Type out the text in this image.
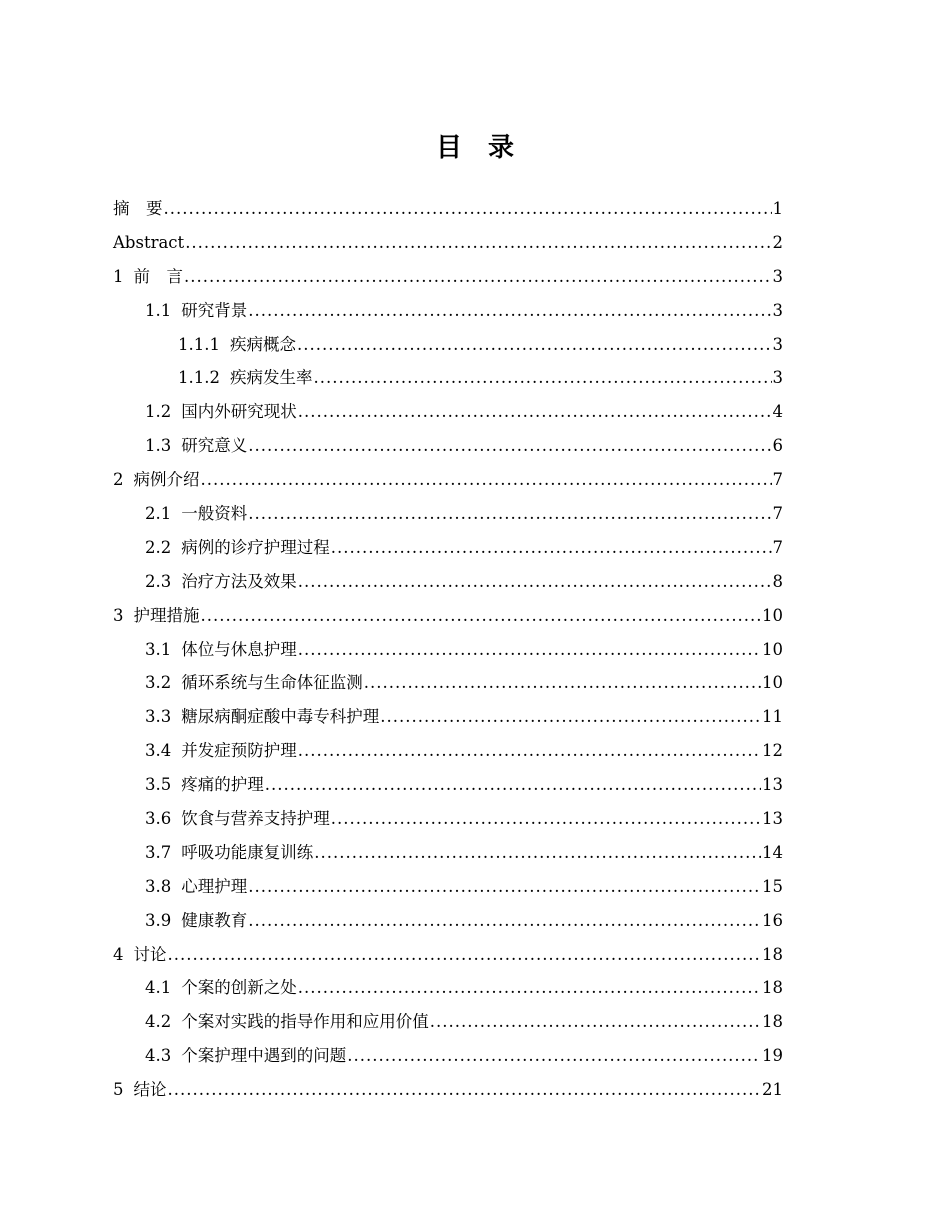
目　录
摘　要 .....	1
Abstract .....	2
1 前　言 .....	3
1.1 研究背景 .....	3
1.1.1 疾病概念 .....	3
1.1.2 疾病发生率 .....	3
1.2 国内外研究现状 .....	4
1.3 研究意义 .....	6
2 病例介绍 .....	7
2.1 一般资料 .....	7
2.2 病例的诊疗护理过程 .....	7
2.3 治疗方法及效果 .....	8
3 护理措施 .....	10
3.1 体位与休息护理 .....	10
3.2 循环系统与生命体征监测 .....	10
3.3 糖尿病酮症酸中毒专科护理 .....	11
3.4 并发症预防护理 .....	12
3.5 疼痛的护理 .....	13
3.6 饮食与营养支持护理 .....	13
3.7 呼吸功能康复训练 .....	14
3.8 心理护理 .....	15
3.9 健康教育 .....	16
4 讨论 .....	18
4.1 个案的创新之处 .....	18
4.2 个案对实践的指导作用和应用价值 .....	18
4.3 个案护理中遇到的问题 .....	19
5 结论 .....	21
